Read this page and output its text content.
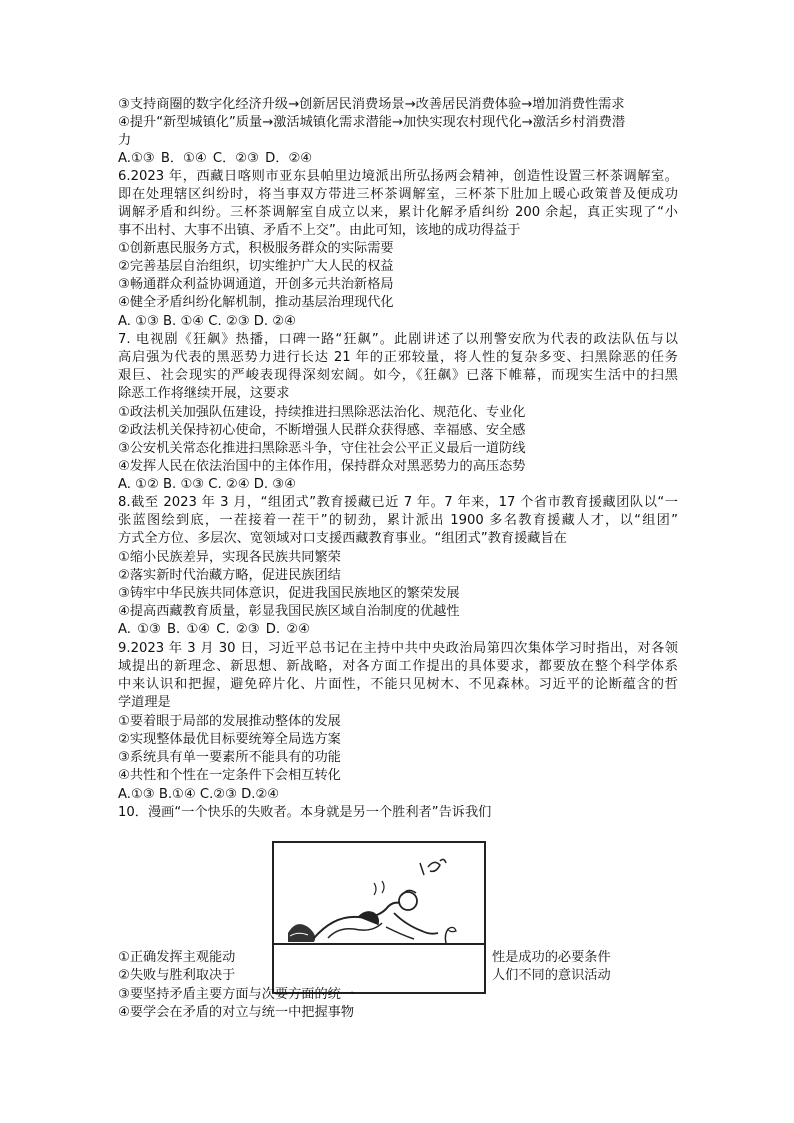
③支持商圈的数字化经济升级→创新居民消费场景→改善居民消费体验→增加消费性需求
④提升“新型城镇化”质量→激活城镇化需求潜能→加快实现农村现代化→激活乡村消费潜
力
A.①③ B．①④ C．②③ D．②④
6.2023 年，西藏日喀则市亚东县帕里边境派出所弘扬两会精神，创造性设置三杯茶调解室。
即在处理辖区纠纷时，将当事双方带进三杯茶调解室，三杯茶下肚加上暖心政策普及便成功
调解矛盾和纠纷。三杯茶调解室自成立以来，累计化解矛盾纠纷 200 余起，真正实现了“小
事不出村、大事不出镇、矛盾不上交”。由此可知，该地的成功得益于
①创新惠民服务方式，积极服务群众的实际需要
②完善基层自治组织，切实维护广大人民的权益
③畅通群众利益协调通道，开创多元共治新格局
④健全矛盾纠纷化解机制，推动基层治理现代化
A. ①③ B. ①④ C. ②③ D. ②④
7. 电视剧《狂飙》热播，口碑一路“狂飙”。此剧讲述了以刑警安欣为代表的政法队伍与以
高启强为代表的黑恶势力进行长达 21 年的正邪较量，将人性的复杂多变、扫黑除恶的任务
艰巨、社会现实的严峻表现得深刻宏阔。如今，《狂飙》已落下帷幕，而现实生活中的扫黑
除恶工作将继续开展，这要求
①政法机关加强队伍建设，持续推进扫黑除恶法治化、规范化、专业化
②政法机关保持初心使命，不断增强人民群众获得感、幸福感、安全感
③公安机关常态化推进扫黑除恶斗争，守住社会公平正义最后一道防线
④发挥人民在依法治国中的主体作用，保持群众对黑恶势力的高压态势
A. ①② B. ①③ C. ②④ D. ③④
8.截至 2023 年 3 月，“组团式”教育援藏已近 7 年。7 年来，17 个省市教育援藏团队以“一
张蓝图绘到底，一茬接着一茬干”的韧劲，累计派出 1900 多名教育援藏人才，以“组团”
方式全方位、多层次、宽领域对口支援西藏教育事业。“组团式”教育援藏旨在
①缩小民族差异，实现各民族共同繁荣
②落实新时代治藏方略，促进民族团结
③铸牢中华民族共同体意识，促进我国民族地区的繁荣发展
④提高西藏教育质量，彰显我国民族区域自治制度的优越性
A. ①③ B. ①④ C. ②③ D. ②④
9.2023 年 3 月 30 日，习近平总书记在主持中共中央政治局第四次集体学习时指出，对各领
域提出的新理念、新思想、新战略，对各方面工作提出的具体要求，都要放在整个科学体系
中来认识和把握，避免碎片化、片面性，不能只见树木、不见森林。习近平的论断蕴含的哲
学道理是
①要着眼于局部的发展推动整体的发展
②实现整体最优目标要统筹全局选方案
③系统具有单一要素所不能具有的功能
④共性和个性在一定条件下会相互转化
A.①③ B.①④ C.②③ D.②④
10．漫画“一个快乐的失败者。本身就是另一个胜利者”告诉我们
①正确发挥主观能动	性是成功的必要条件
②失败与胜利取决于	人们不同的意识活动
③要坚持矛盾主要方面与次要方面的统一
④要学会在矛盾的对立与统一中把握事物
